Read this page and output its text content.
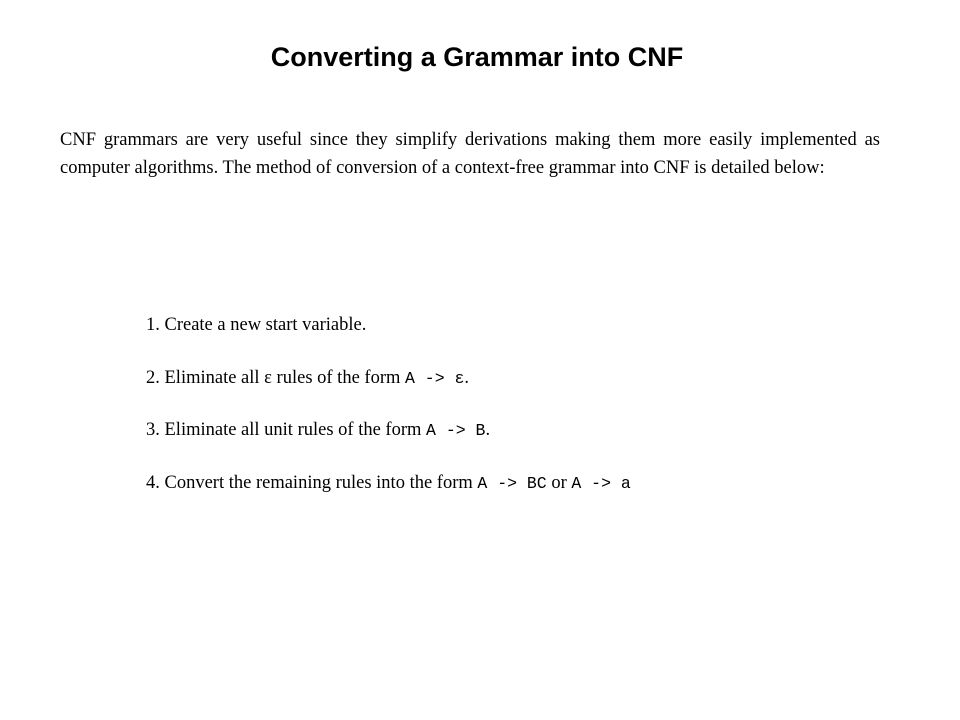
Converting a Grammar into CNF

CNF grammars are very useful since they simplify derivations making them more easily implemented as computer algorithms. The method of conversion of a context-free grammar into CNF is detailed below:

1. Create a new start variable.
2. Eliminate all ε rules of the form A -> ε.
3. Eliminate all unit rules of the form A -> B.
4. Convert the remaining rules into the form A -> BC or A -> a
